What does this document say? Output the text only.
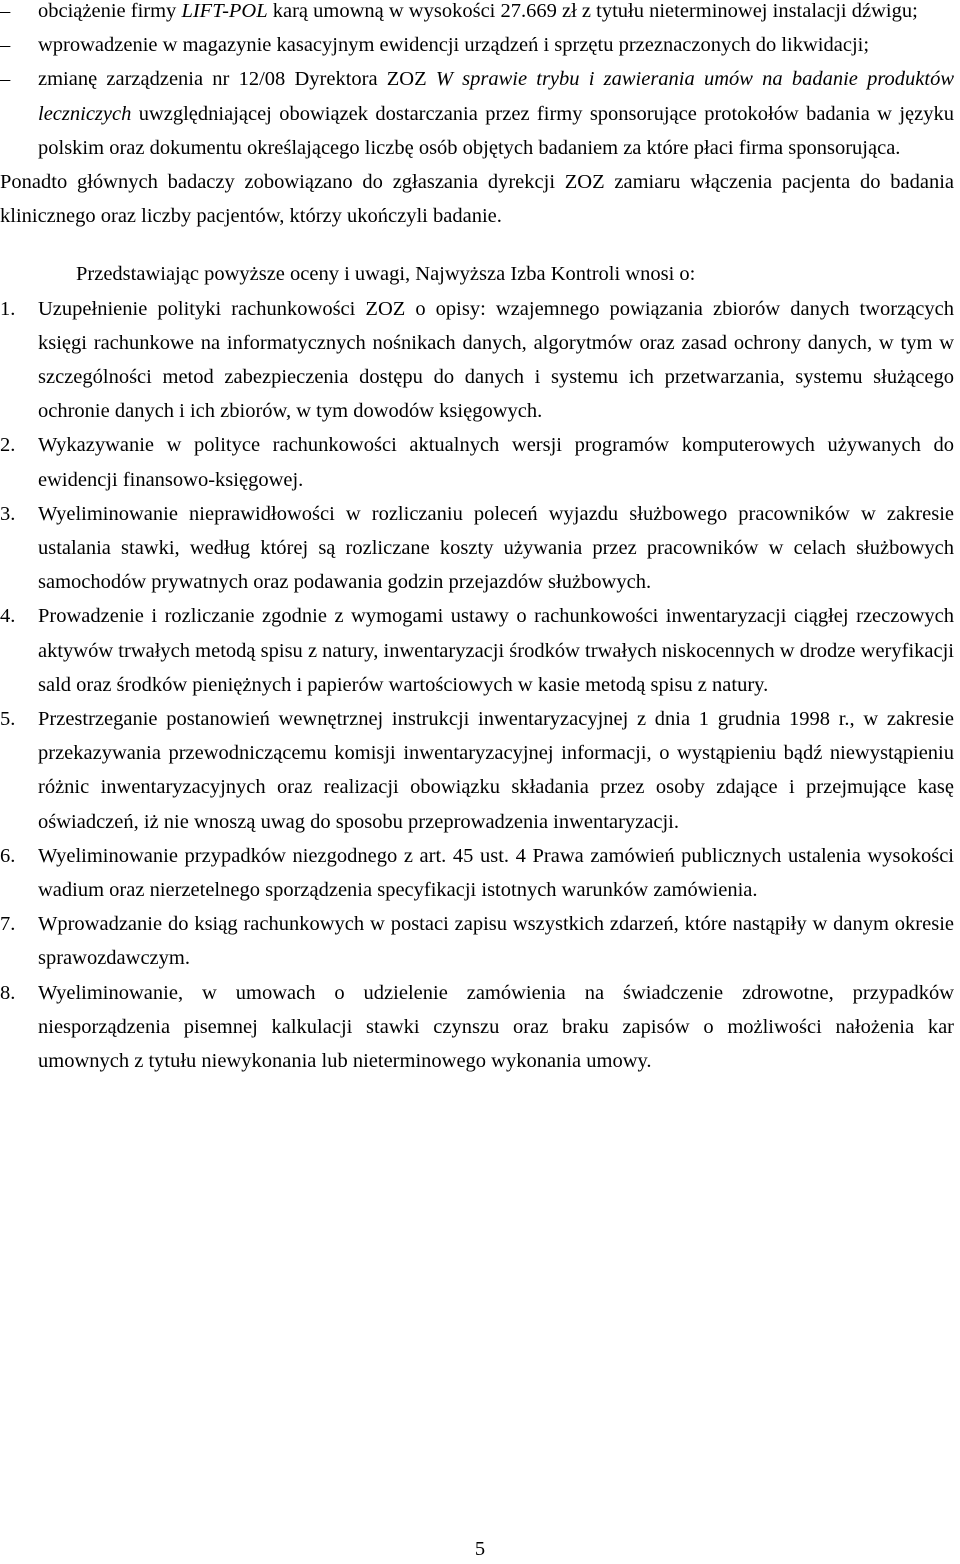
–	obciążenie firmy LIFT-POL karą umowną w wysokości 27.669 zł z tytułu nieterminowej instalacji dźwigu;
–	wprowadzenie w magazynie kasacyjnym ewidencji urządzeń i sprzętu przeznaczonych do likwidacji;
–	zmianę zarządzenia nr 12/08 Dyrektora ZOZ W sprawie trybu i zawierania umów na badanie produktów leczniczych uwzględniającej obowiązek dostarczania przez firmy sponsorujące protokołów badania w języku polskim oraz dokumentu określającego liczbę osób objętych badaniem za które płaci firma sponsorująca.
Ponadto głównych badaczy zobowiązano do zgłaszania dyrekcji ZOZ zamiaru włączenia pacjenta do badania klinicznego oraz liczby pacjentów, którzy ukończyli badanie.
Przedstawiając powyższe oceny i uwagi, Najwyższa Izba Kontroli wnosi o:
1. Uzupełnienie polityki rachunkowości ZOZ o opisy: wzajemnego powiązania zbiorów danych tworzących księgi rachunkowe na informatycznych nośnikach danych, algorytmów oraz zasad ochrony danych, w tym w szczególności metod zabezpieczenia dostępu do danych i systemu ich przetwarzania, systemu służącego ochronie danych i ich zbiorów, w tym dowodów księgowych.
2. Wykazywanie w polityce rachunkowości aktualnych wersji programów komputerowych używanych do ewidencji finansowo-księgowej.
3. Wyeliminowanie nieprawidłowości w rozliczaniu poleceń wyjazdu służbowego pracowników w zakresie ustalania stawki, według której są rozliczane koszty używania przez pracowników w celach służbowych samochodów prywatnych oraz podawania godzin przejazdów służbowych.
4. Prowadzenie i rozliczanie zgodnie z wymogami ustawy o rachunkowości inwentaryzacji ciągłej rzeczowych aktywów trwałych metodą spisu z natury, inwentaryzacji środków trwałych niskocennych w drodze weryfikacji sald oraz środków pieniężnych i papierów wartościowych w kasie metodą spisu z natury.
5. Przestrzeganie postanowień wewnętrznej instrukcji inwentaryzacyjnej z dnia 1 grudnia 1998 r., w zakresie przekazywania przewodniczącemu komisji inwentaryzacyjnej informacji, o wystąpieniu bądź niewystąpieniu różnic inwentaryzacyjnych oraz realizacji obowiązku składania przez osoby zdające i przejmujące kasę oświadczeń, iż nie wnoszą uwag do sposobu przeprowadzenia inwentaryzacji.
6. Wyeliminowanie przypadków niezgodnego z art. 45 ust. 4 Prawa zamówień publicznych ustalenia wysokości wadium oraz nierzetelnego sporządzenia specyfikacji istotnych warunków zamówienia.
7. Wprowadzanie do ksiąg rachunkowych w postaci zapisu wszystkich zdarzeń, które nastąpiły w danym okresie sprawozdawczym.
8. Wyeliminowanie, w umowach o udzielenie zamówienia na świadczenie zdrowotne, przypadków niesporządzenia pisemnej kalkulacji stawki czynszu oraz braku zapisów o możliwości nałożenia kar umownych z tytułu niewykonania lub nieterminowego wykonania umowy.
5
